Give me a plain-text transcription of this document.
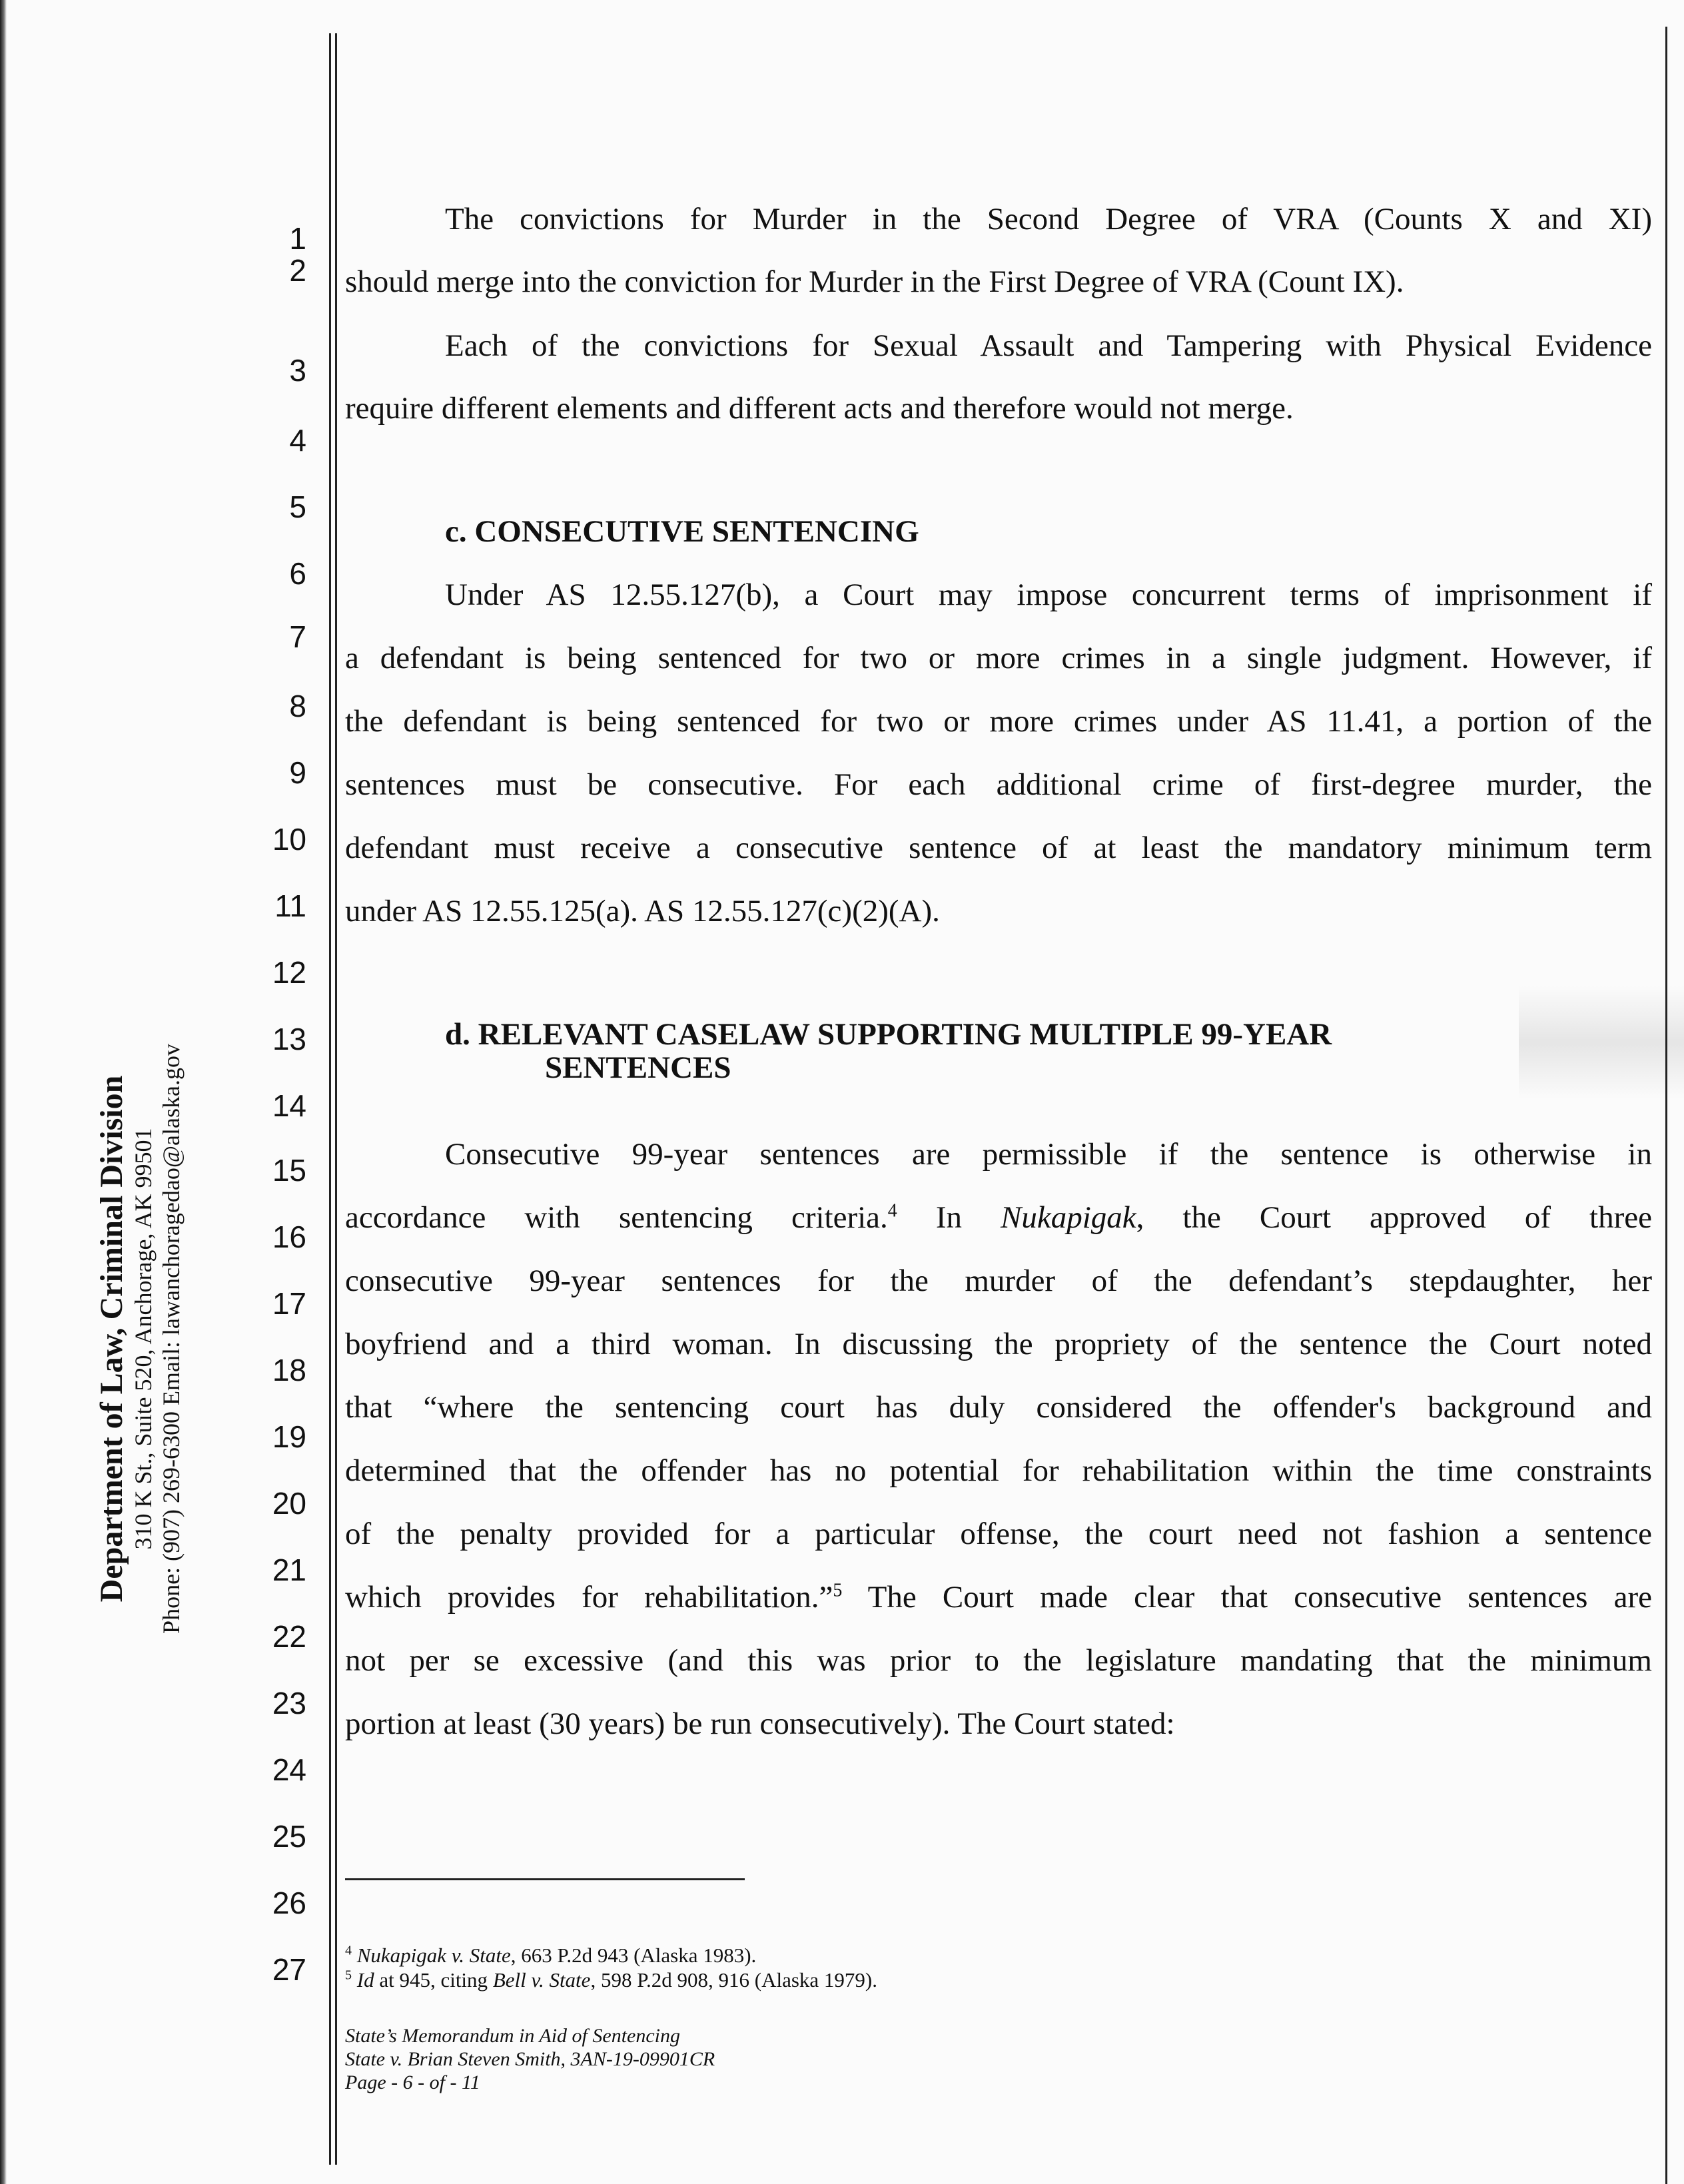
Department of Law, Criminal Division 310 K St., Suite 520, Anchorage, AK 99501 Phone: (907) 269-6300 Email: lawanchoragedao@alaska.gov
1
2
3
4
5
6
7
8
9
10
11
12
13
14
15
16
17
18
19
20
21
22
23
24
25
26
27
The convictions for Murder in the Second Degree of VRA (Counts X and XI)
should merge into the conviction for Murder in the First Degree of VRA (Count IX).
Each of the convictions for Sexual Assault and Tampering with Physical Evidence
require different elements and different acts and therefore would not merge.
c. CONSECUTIVE SENTENCING
Under AS 12.55.127(b), a Court may impose concurrent terms of imprisonment if
a defendant is being sentenced for two or more crimes in a single judgment. However, if
the defendant is being sentenced for two or more crimes under AS 11.41, a portion of the
sentences must be consecutive. For each additional crime of first-degree murder, the
defendant must receive a consecutive sentence of at least the mandatory minimum term
under AS 12.55.125(a). AS 12.55.127(c)(2)(A).
d. RELEVANT CASELAW SUPPORTING MULTIPLE 99-YEAR
SENTENCES
Consecutive 99-year sentences are permissible if the sentence is otherwise in
accordance with sentencing criteria.$^4$ In Nukapigak, the Court approved of three
consecutive 99-year sentences for the murder of the defendant’s stepdaughter, her
boyfriend and a third woman. In discussing the propriety of the sentence the Court noted
that “where the sentencing court has duly considered the offender's background and
determined that the offender has no potential for rehabilitation within the time constraints
of the penalty provided for a particular offense, the court need not fashion a sentence
which provides for rehabilitation.”$^5$ The Court made clear that consecutive sentences are
not per se excessive (and this was prior to the legislature mandating that the minimum
portion at least (30 years) be run consecutively). The Court stated:
$^4$ Nukapigak v. State, 663 P.2d 943 (Alaska 1983).
$^5$ Id at 945, citing Bell v. State, 598 P.2d 908, 916 (Alaska 1979).
State’s Memorandum in Aid of Sentencing
State v. Brian Steven Smith, 3AN-19-09901CR
Page - 6 - of - 11
